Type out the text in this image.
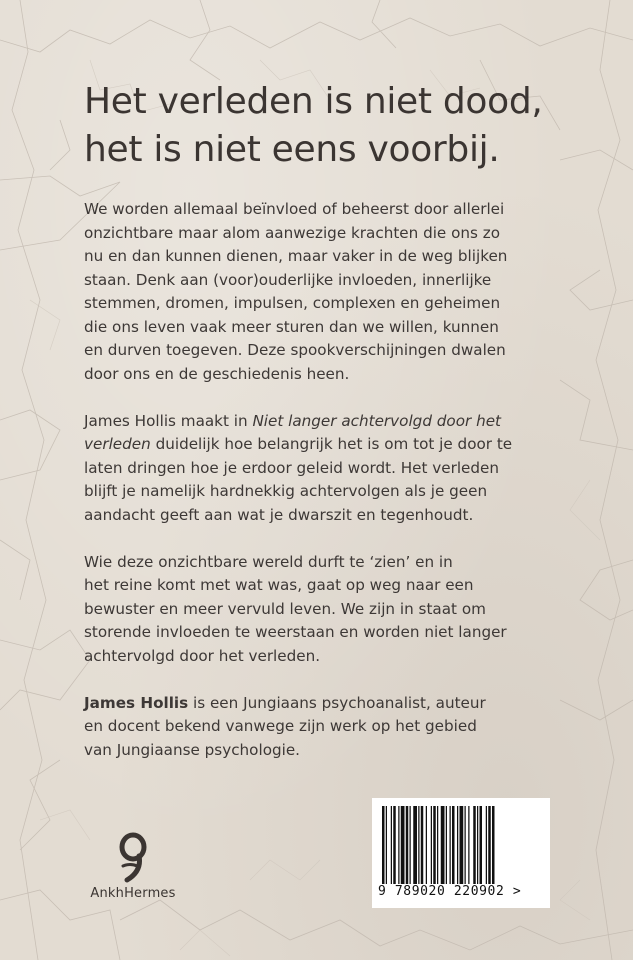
Het verleden is niet dood,
het is niet eens voorbij.

We worden allemaal beïnvloed of beheerst door allerlei
onzichtbare maar alom aanwezige krachten die ons zo
nu en dan kunnen dienen, maar vaker in de weg blijken
staan. Denk aan (voor)ouderlijke invloeden, innerlijke
stemmen, dromen, impulsen, complexen en geheimen
die ons leven vaak meer sturen dan we willen, kunnen
en durven toegeven. Deze spookverschijningen dwalen
door ons en de geschiedenis heen.

James Hollis maakt in Niet langer achtervolgd door het
verleden duidelijk hoe belangrijk het is om tot je door te
laten dringen hoe je erdoor geleid wordt. Het verleden
blijft je namelijk hardnekkig achtervolgen als je geen
aandacht geeft aan wat je dwarszit en tegenhoudt.

Wie deze onzichtbare wereld durft te ‘zien’ en in
het reine komt met wat was, gaat op weg naar een
bewuster en meer vervuld leven. We zijn in staat om
storende invloeden te weerstaan en worden niet langer
achtervolgd door het verleden.

James Hollis is een Jungiaans psychoanalist, auteur
en docent bekend vanwege zijn werk op het gebied
van Jungiaanse psychologie.

AnkhHermes	9 789020 220902 >
